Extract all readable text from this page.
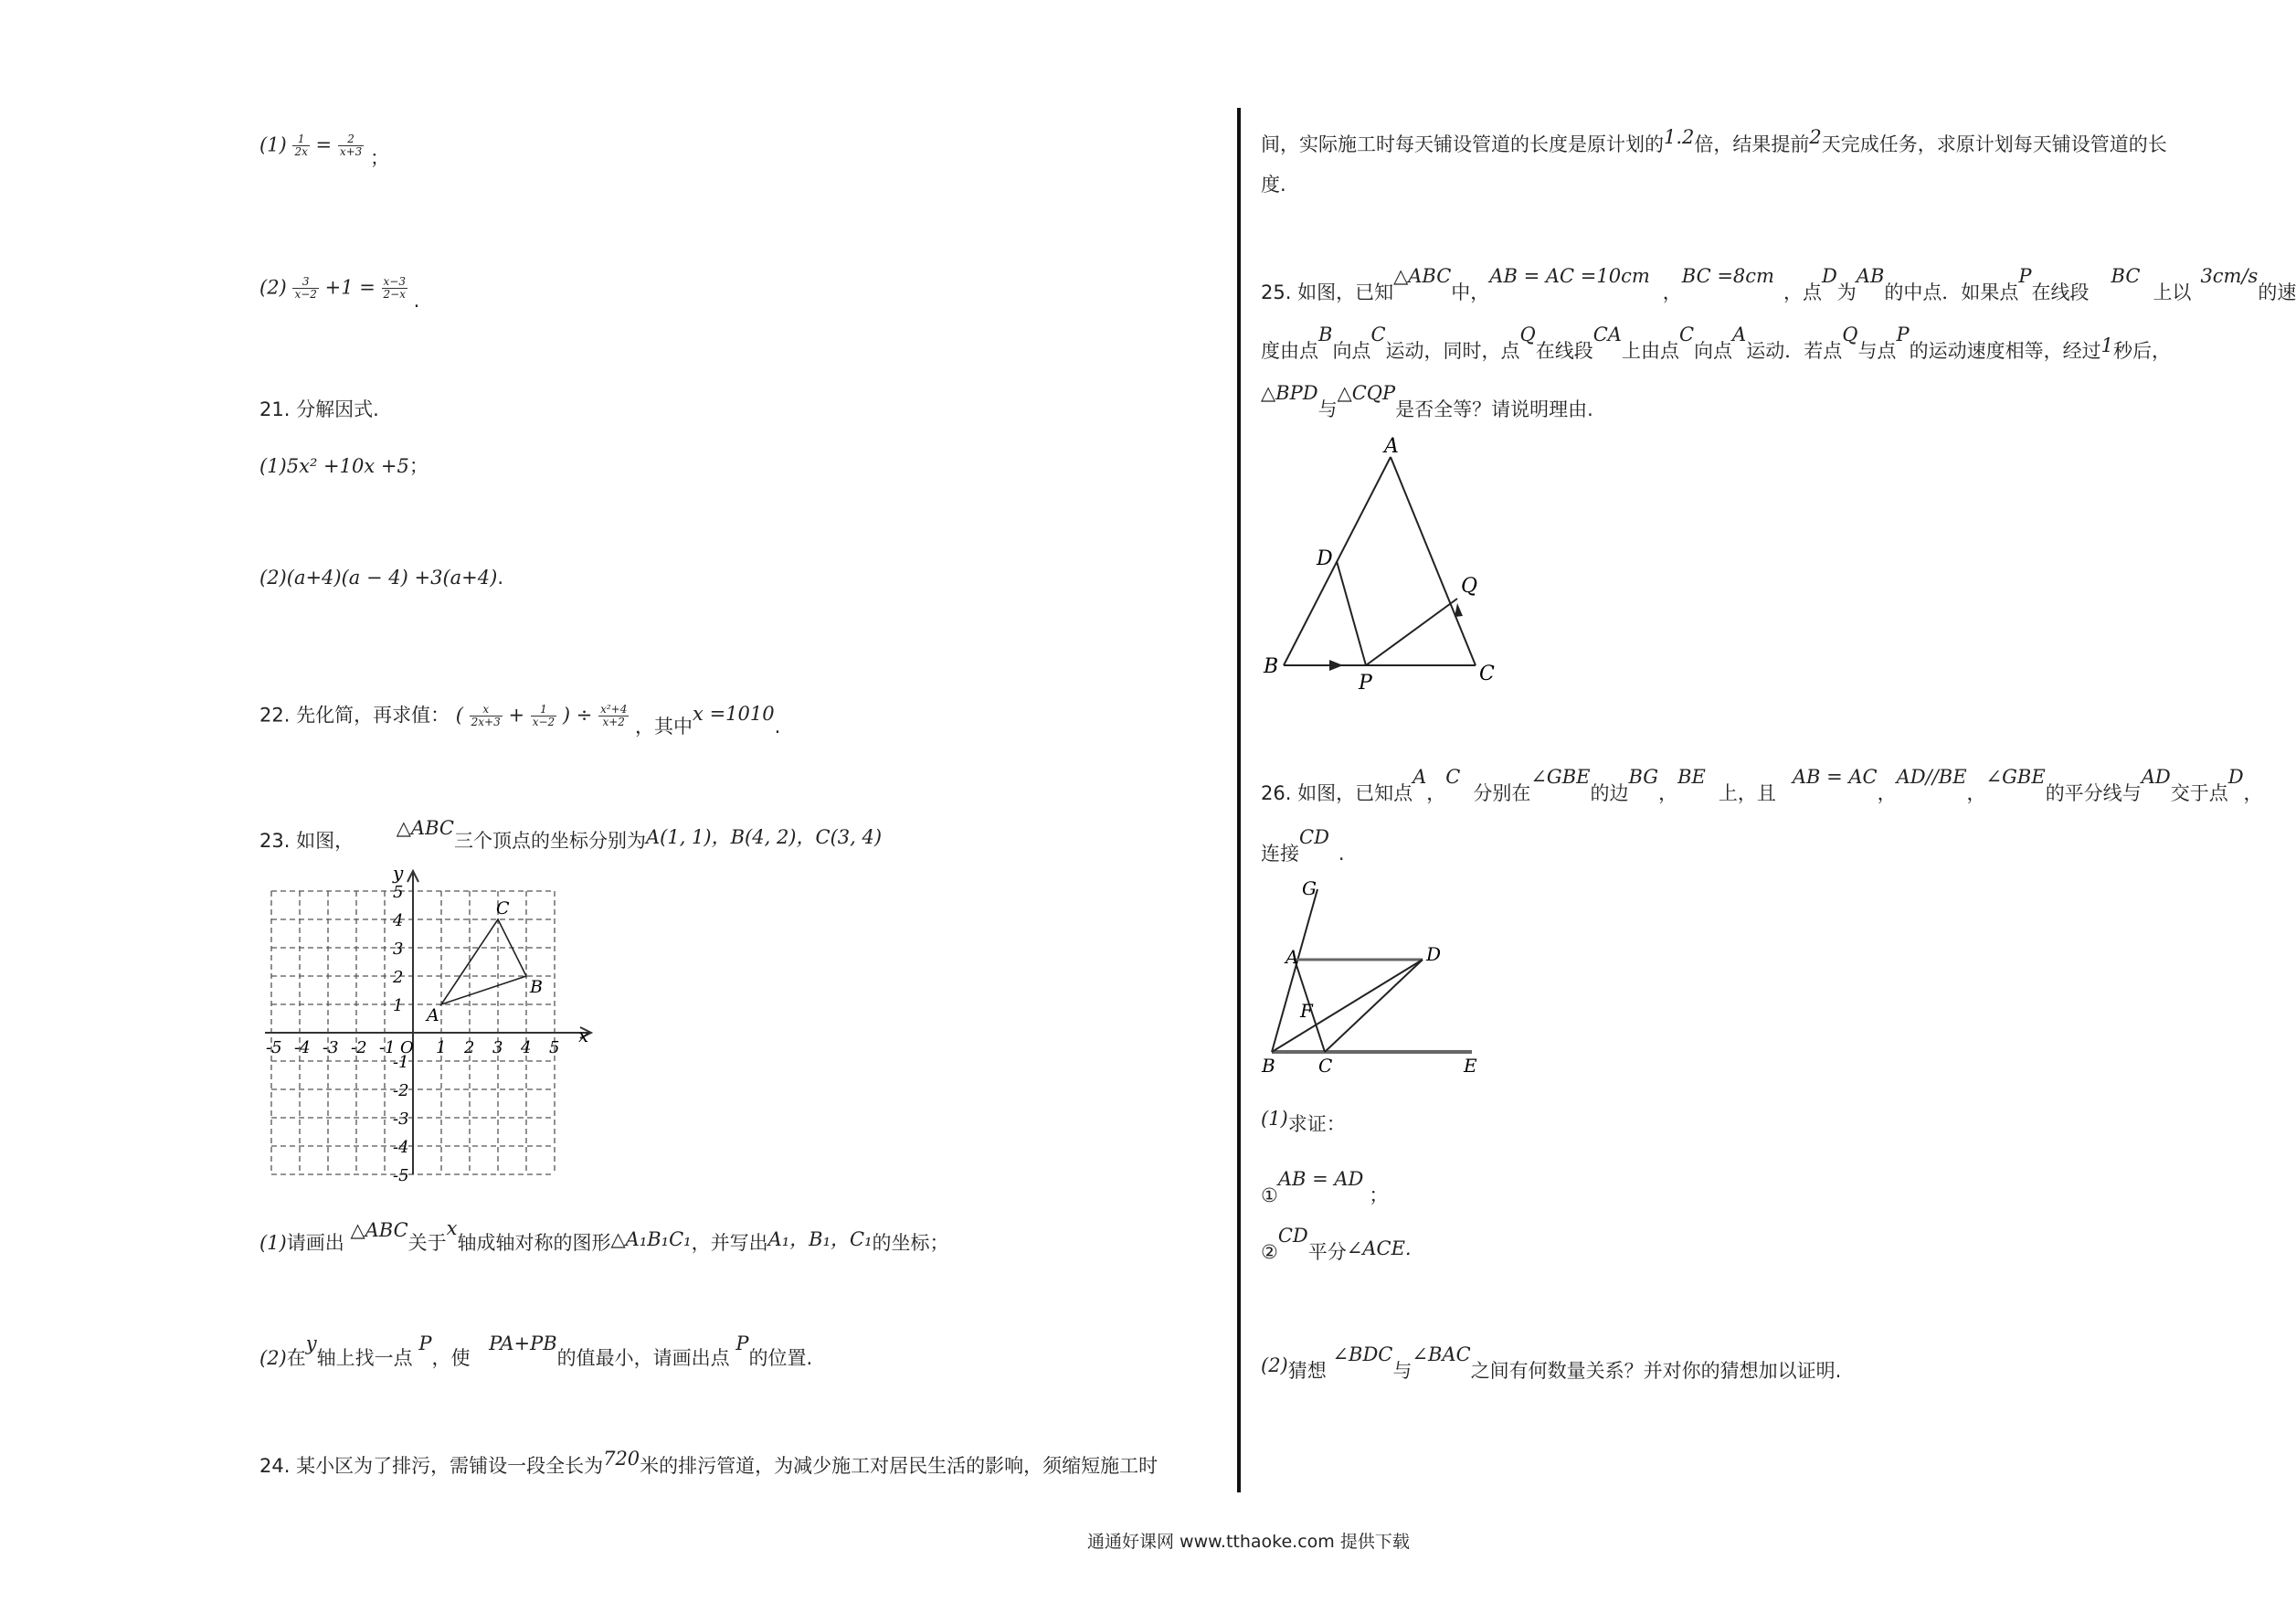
$(1) \frac{1}{2x} = \frac{2}{x+3}$ ；
$(2) \frac{3}{x-2} +1 = \frac{x-3}{2-x}$ .
21. 分解因式.
(1)5x² +10x +5；
(2)(a+4)(a − 4) +3(a+4).
22. 先化简，再求值： ( $\frac{x}{2x+3} + \frac{1}{x-2}$ ) ÷ $\frac{\text{x²+4}}{x+2}$ ，其中x =1010.
23. 如图， △ABC三个顶点的坐标分别为A(1, 1)，B(4, 2)，C(3, 4)
x
y
-5 -4 -3 -2 -1 O 1 2 3 4 5
5
4
3
2
1
-1
-2
-3
-4
-5
A
B
C
(1)请画出 △ABC关于x轴成轴对称的图形△A₁B₁C₁，并写出A₁，B₁，C₁的坐标；
(2)在y轴上找一点 P，使 PA+PB的值最小，请画出点 P的位置.
24. 某小区为了排污，需铺设一段全长为720米的排污管道，为减少施工对居民生活的影响，须缩短施工时
间，实际施工时每天铺设管道的长度是原计划的1.2倍，结果提前2天完成任务，求原计划每天铺设管道的长
度.
25. 如图，已知△ABC中，AB = AC =10cm，BC =8cm，点D为AB的中点．如果点P在线段BC上以3cm/s的速
度由点B向点C运动，同时，点Q在线段CA上由点C向点A运动．若点Q与点P的运动速度相等，经过1秒后，
△BPD与△CQP是否全等？请说明理由.
A
B	C
D
P
Q
26. 如图，已知点A，C分别在∠GBE的边BG，BE上，且AB = AC，AD//BE，∠GBE的平分线与AD交于点D，
连接CD.
G
A	D
F
B C	E
(1)求证：
①AB = AD；
②CD平分∠ACE.
(2)猜想 ∠BDC与∠BAC之间有何数量关系？并对你的猜想加以证明.
通通好课网 www.tthaoke.com 提供下载
